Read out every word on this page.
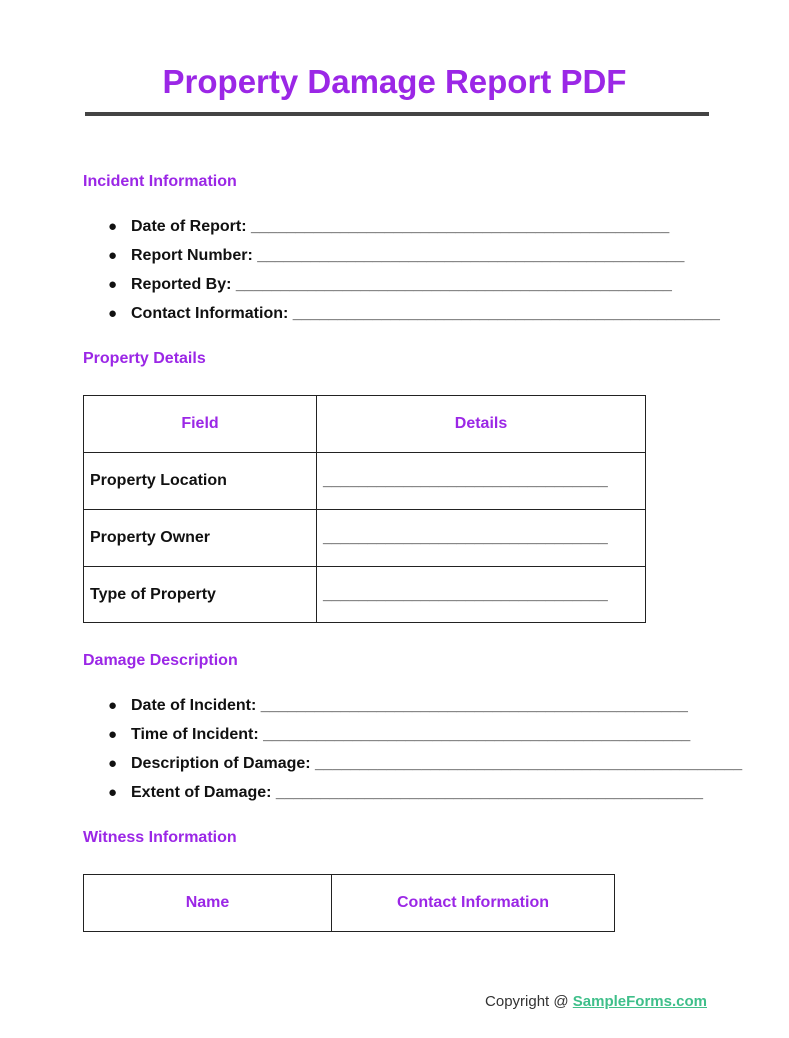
Property Damage Report PDF
Incident Information
● Date of Report: _______________________________________________
● Report Number: ________________________________________________
● Reported By: _________________________________________________
● Contact Information: ________________________________________________
Property Details
Field	Details
Property Location	________________________________
Property Owner	________________________________
Type of Property	________________________________
Damage Description
● Date of Incident: ________________________________________________
● Time of Incident: ________________________________________________
● Description of Damage: ________________________________________________
● Extent of Damage: ________________________________________________
Witness Information
Name	Contact Information
Copyright @ SampleForms.com
